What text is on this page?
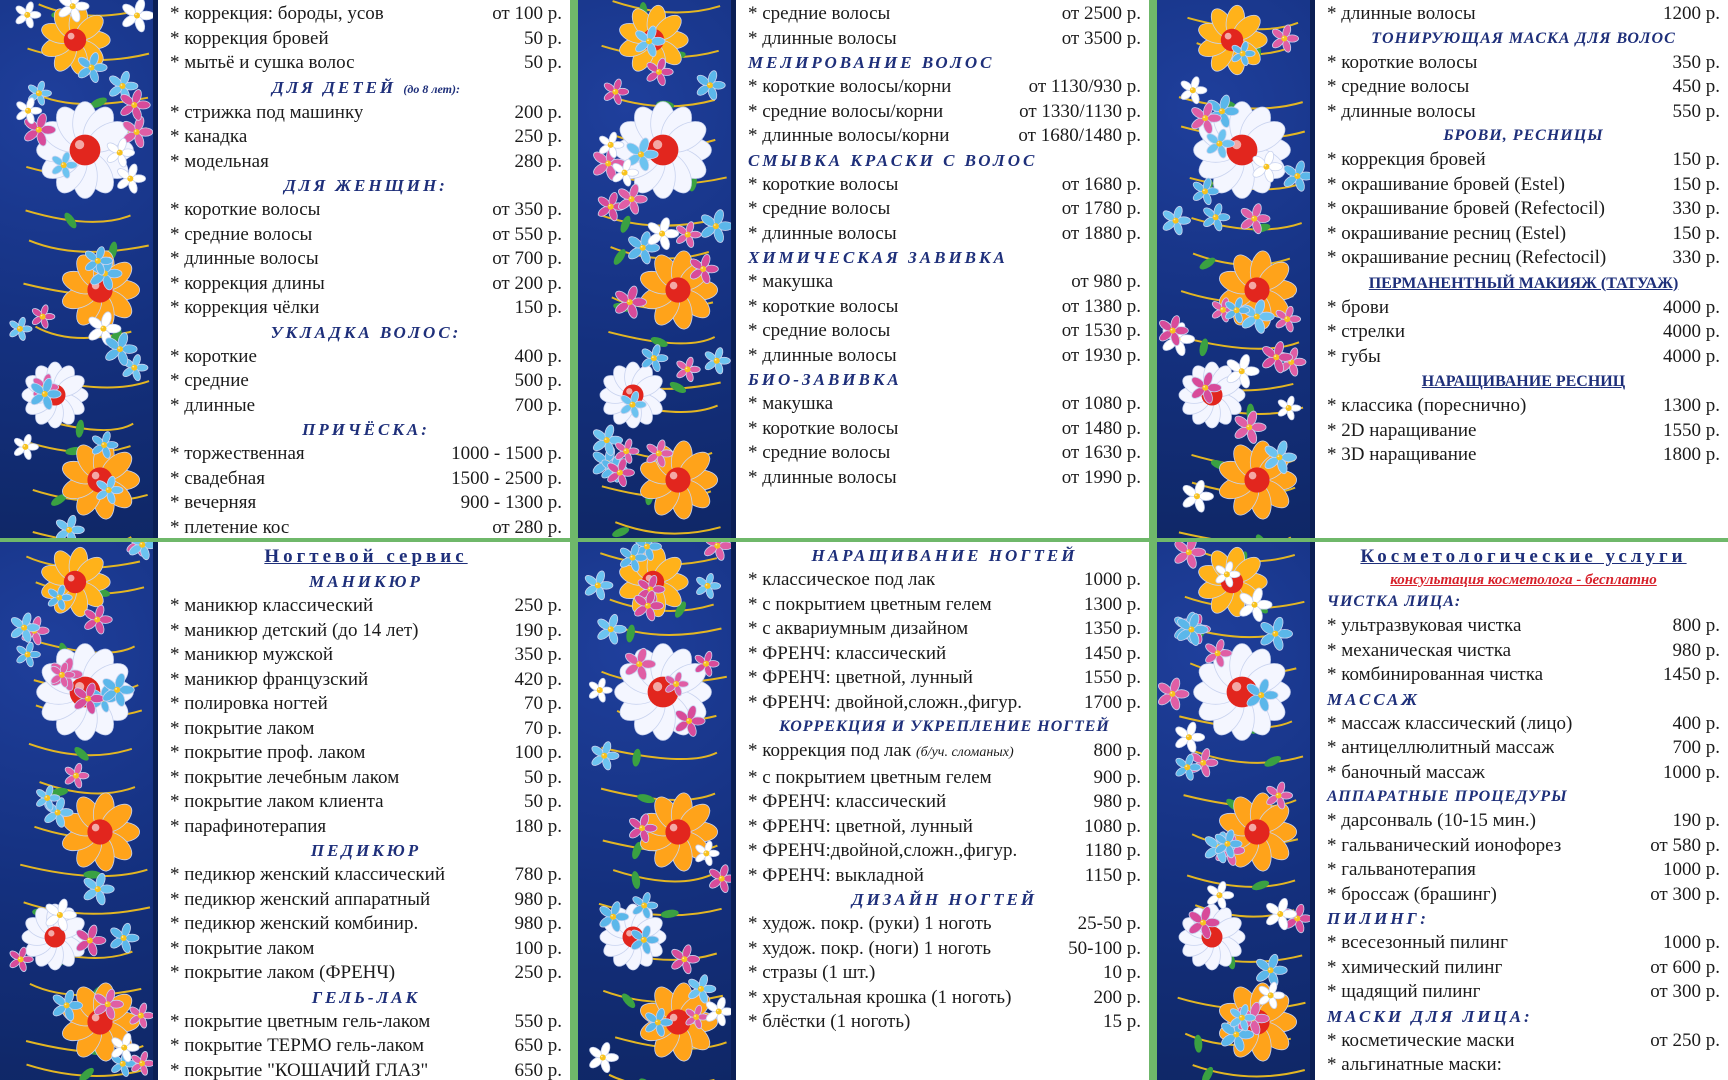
* коррекция: бороды, усов	от 100 р.
* коррекция бровей	50 р.
* мытьё и сушка волос	50 р.
ДЛЯ ДЕТЕЙ (до 8 лет):
* стрижка под машинку	200 р.
* канадка	250 р.
* модельная	280 р.
ДЛЯ ЖЕНЩИН:
* короткие волосы	от 350 р.
* средние волосы	от 550 р.
* длинные волосы	от 700 р.
* коррекция длины	от 200 р.
* коррекция чёлки	150 р.
УКЛАДКА ВОЛОС:
* короткие	400 р.
* средние	500 р.
* длинные	700 р.
ПРИЧЁСКА:
* торжественная	1000 - 1500 р.
* свадебная	1500 - 2500 р.
* вечерняя	900 - 1300 р.
* плетение кос	от 280 р.
* средние волосы	от 2500 р.
* длинные волосы	от 3500 р.
МЕЛИРОВАНИЕ ВОЛОС
* короткие волосы/корни	от 1130/930 р.
* средние волосы/корни	от 1330/1130 р.
* длинные волосы/корни	от 1680/1480 р.
СМЫВКА КРАСКИ С ВОЛОС
* короткие волосы	от 1680 р.
* средние волосы	от 1780 р.
* длинные волосы	от 1880 р.
ХИМИЧЕСКАЯ ЗАВИВКА
* макушка	от 980 р.
* короткие волосы	от 1380 р.
* средние волосы	от 1530 р.
* длинные волосы	от 1930 р.
БИО-ЗАВИВКА
* макушка	от 1080 р.
* короткие волосы	от 1480 р.
* средние волосы	от 1630 р.
* длинные волосы	от 1990 р.
* длинные волосы	1200 р.
ТОНИРУЮЩАЯ МАСКА ДЛЯ ВОЛОС
* короткие волосы	350 р.
* средние волосы	450 р.
* длинные волосы	550 р.
БРОВИ, РЕСНИЦЫ
* коррекция бровей	150 р.
* окрашивание бровей (Estel)	150 р.
* окрашивание бровей (Refectocil)	330 р.
* окрашивание ресниц (Estel)	150 р.
* окрашивание ресниц (Refectocil)	330 р.
ПЕРМАНЕНТНЫЙ МАКИЯЖ (ТАТУАЖ)
* брови	4000 р.
* стрелки	4000 р.
* губы	4000 р.
НАРАЩИВАНИЕ РЕСНИЦ
* классика (пореснично)	1300 р.
* 2D наращивание	1550 р.
* 3D наращивание	1800 р.
Ногтевой сервис
МАНИКЮР
* маникюр классический	250 р.
* маникюр детский (до 14 лет)	190 р.
* маникюр мужской	350 р.
* маникюр французский	420 р.
* полировка ногтей	70 р.
* покрытие лаком	70 р.
* покрытие проф. лаком	100 р.
* покрытие лечебным лаком	50 р.
* покрытие лаком клиента	50 р.
* парафинотерапия	180 р.
ПЕДИКЮР
* педикюр женский классический	780 р.
* педикюр женский аппаратный	980 р.
* педикюр женский комбинир.	980 р.
* покрытие лаком	100 р.
* покрытие лаком (ФРЕНЧ)	250 р.
ГЕЛЬ-ЛАК
* покрытие цветным гель-лаком	550 р.
* покрытие ТЕРМО гель-лаком	650 р.
* покрытие "КОШАЧИЙ ГЛАЗ"	650 р.
НАРАЩИВАНИЕ НОГТЕЙ
* классическое под лак	1000 р.
* с покрытием цветным гелем	1300 р.
* с аквариумным дизайном	1350 р.
* ФРЕНЧ: классический	1450 р.
* ФРЕНЧ: цветной, лунный	1550 р.
* ФРЕНЧ: двойной,сложн.,фигур.	1700 р.
КОРРЕКЦИЯ И УКРЕПЛЕНИЕ НОГТЕЙ
* коррекция под лак (б/уч. сломаных)	800 р.
* с покрытием цветным гелем	900 р.
* ФРЕНЧ: классический	980 р.
* ФРЕНЧ: цветной, лунный	1080 р.
* ФРЕНЧ:двойной,сложн.,фигур.	1180 р.
* ФРЕНЧ: выкладной	1150 р.
ДИЗАЙН НОГТЕЙ
* худож. покр. (руки) 1 ноготь	25-50 р.
* худож. покр. (ноги) 1 ноготь	50-100 р.
* стразы (1 шт.)	10 р.
* хрустальная крошка (1 ноготь)	200 р.
* блёстки (1 ноготь)	15 р.
Косметологические услуги
консультация косметолога - бесплатно
ЧИСТКА ЛИЦА:
* ультразвуковая чистка	800 р.
* механическая чистка	980 р.
* комбинированная чистка	1450 р.
МАССАЖ
* массаж классический (лицо)	400 р.
* антицеллюлитный массаж	700 р.
* баночный массаж	1000 р.
АППАРАТНЫЕ ПРОЦЕДУРЫ
* дарсонваль (10-15 мин.)	190 р.
* гальванический ионофорез	от 580 р.
* гальванотерапия	1000 р.
* броссаж (брашинг)	от 300 р.
ПИЛИНГ:
* всесезонный пилинг	1000 р.
* химический пилинг	от 600 р.
* щадящий пилинг	от 300 р.
МАСКИ ДЛЯ ЛИЦА:
* косметические маски	от 250 р.
* альгинатные маски:
